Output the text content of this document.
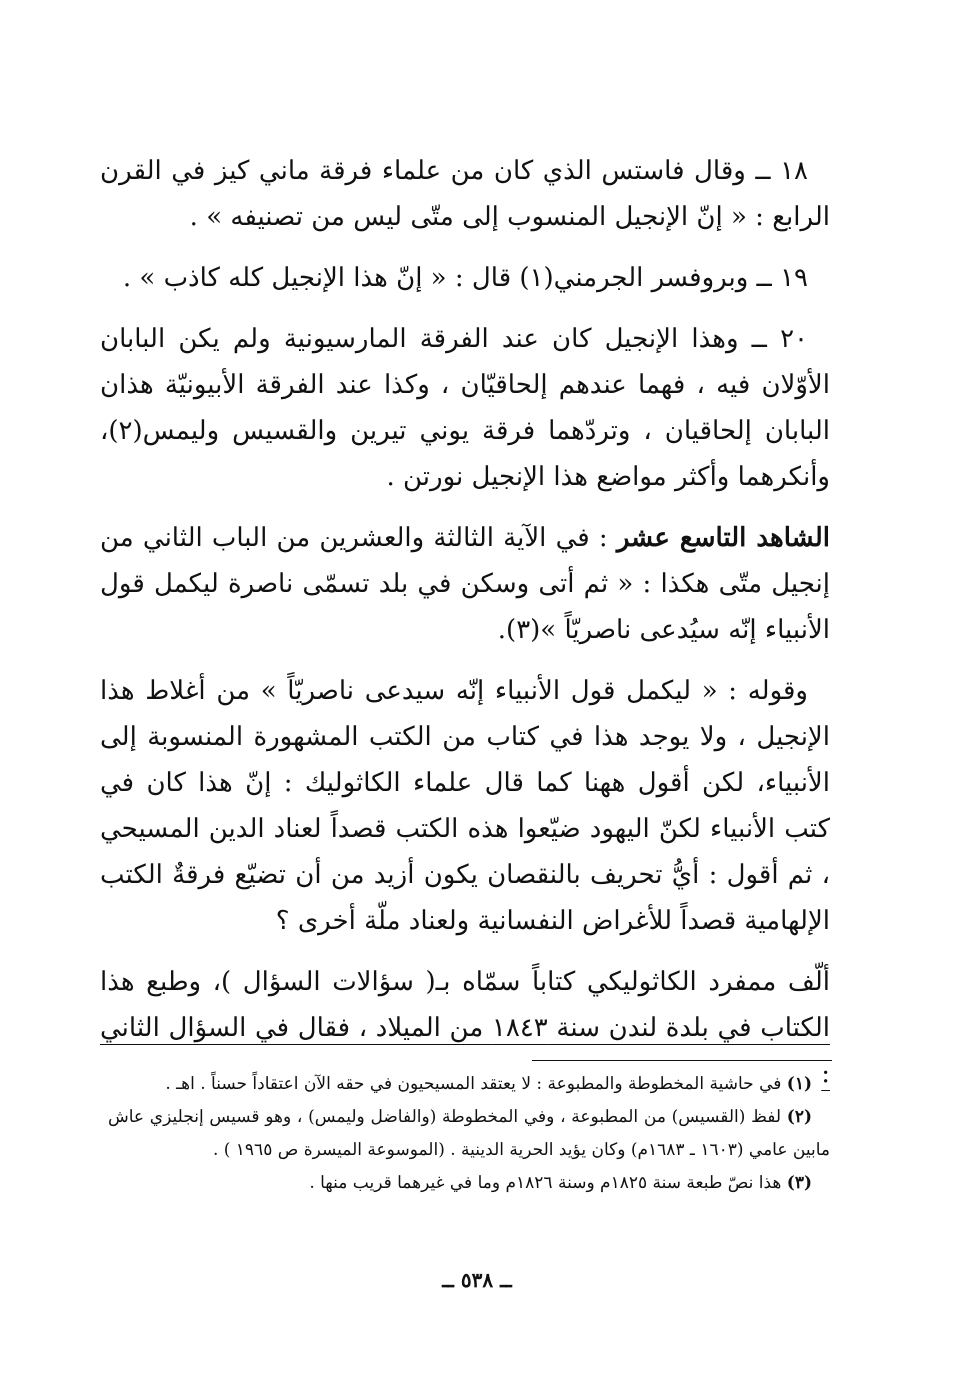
١٨ ــ وقال فاستس الذي كان من علماء فرقة ماني كيز في القرن الرابع : « إنّ الإنجيل المنسوب إلى متّى ليس من تصنيفه » .

١٩ ــ وبروفسر الجرمني(١) قال : « إنّ هذا الإنجيل كله كاذب » .

٢٠ ــ وهذا الإنجيل كان عند الفرقة المارسيونية ولم يكن البابان الأوّلان فيه ، فهما عندهم إلحاقيّان ، وكذا عند الفرقة الأبيونيّة هذان البابان إلحاقيان ، وتردّهما فرقة يوني تيرين والقسيس وليمس(٢)، وأنكرهما وأكثر مواضع هذا الإنجيل نورتن .

الشاهد التاسع عشر : في الآية الثالثة والعشرين من الباب الثاني من إنجيل متّى هكذا : « ثم أتى وسكن في بلد تسمّى ناصرة ليكمل قول الأنبياء إنّه سيُدعى ناصريّاً »(٣).

وقوله : « ليكمل قول الأنبياء إنّه سيدعى ناصريّاً » من أغلاط هذا الإنجيل ، ولا يوجد هذا في كتاب من الكتب المشهورة المنسوبة إلى الأنبياء، لكن أقول ههنا كما قال علماء الكاثوليك : إنّ هذا كان في كتب الأنبياء لكنّ اليهود ضيّعوا هذه الكتب قصداً لعناد الدين المسيحي ، ثم أقول : أيُّ تحريف بالنقصان يكون أزيد من أن تضيّع فرقةٌ الكتب الإلهامية قصداً للأغراض النفسانية ولعناد ملّة أخرى ؟

ألّف ممفرد الكاثوليكي كتاباً سمّاه بـ( سؤالات السؤال )، وطبع هذا الكتاب في بلدة لندن سنة ١٨٤٣ من الميلاد ، فقال في السؤال الثاني :

(١) في حاشية المخطوطة والمطبوعة : لا يعتقد المسيحيون في حقه الآن اعتقاداً حسناً . اهـ .

(٢) لفظ (القسيس) من المطبوعة ، وفي المخطوطة (والفاضل وليمس) ، وهو قسيس إنجليزي عاش مابين عامي (١٦٠٣ ـ ١٦٨٣م) وكان يؤيد الحرية الدينية . (الموسوعة الميسرة ص ١٩٦٥ ) .

(٣) هذا نصّ طبعة سنة ١٨٢٥م وسنة ١٨٢٦م وما في غيرهما قريب منها .

ــ ٥٣٨ ــ
